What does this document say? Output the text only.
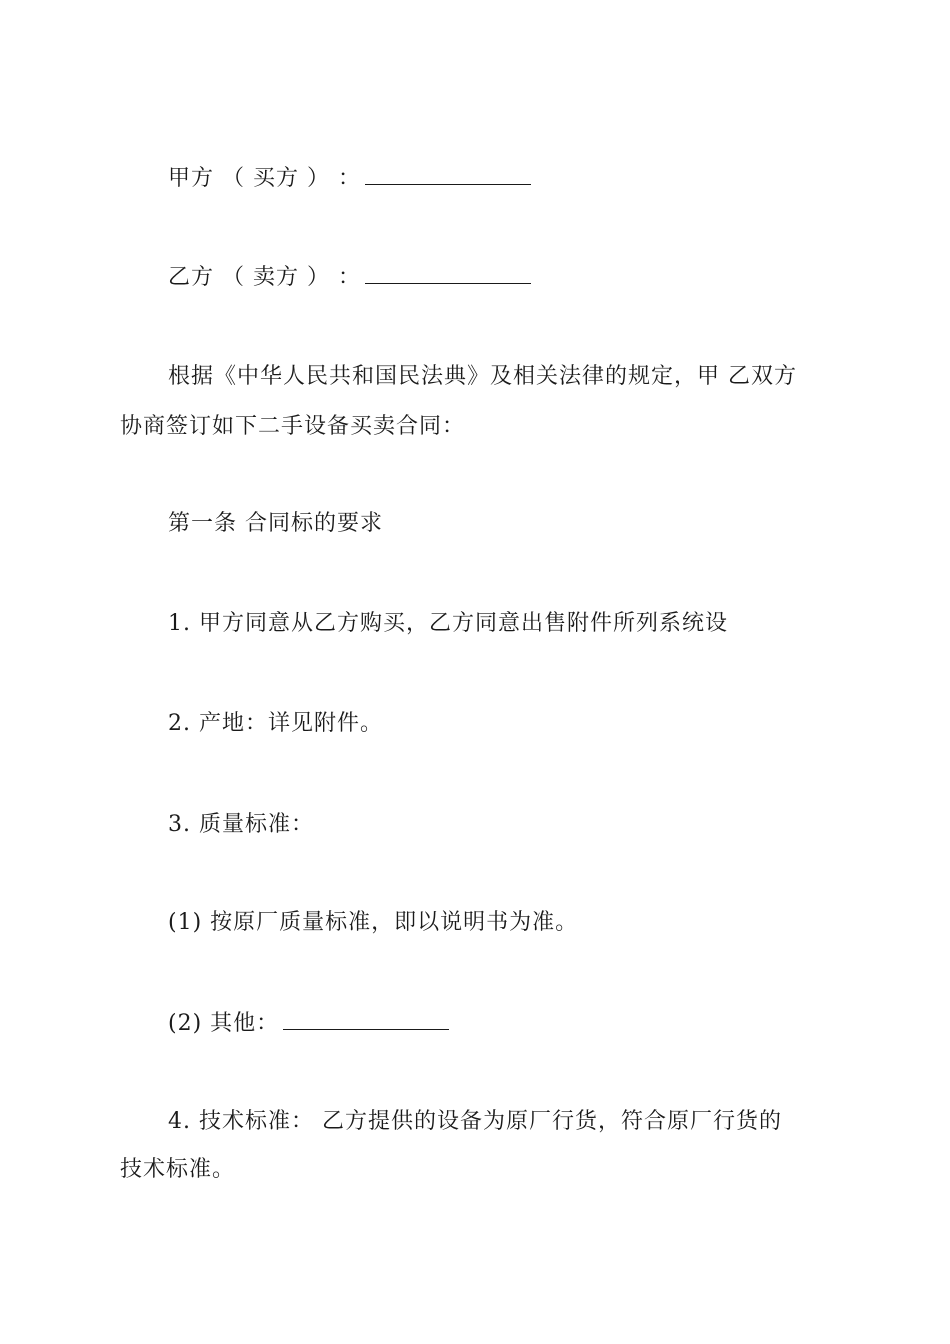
甲方 （ 买方 ） ：
乙方 （ 卖方 ） ：
根据《中华人民共和国民法典》及相关法律的规定，甲 乙双方
协商签订如下二手设备买卖合同：
第一条 合同标的要求
1. 甲方同意从乙方购买，乙方同意出售附件所列系统设
2. 产地：详见附件。
3. 质量标准：
(1) 按原厂质量标准，即以说明书为准。
(2) 其他：
4. 技术标准： 乙方提供的设备为原厂行货，符合原厂行货的
技术标准。
